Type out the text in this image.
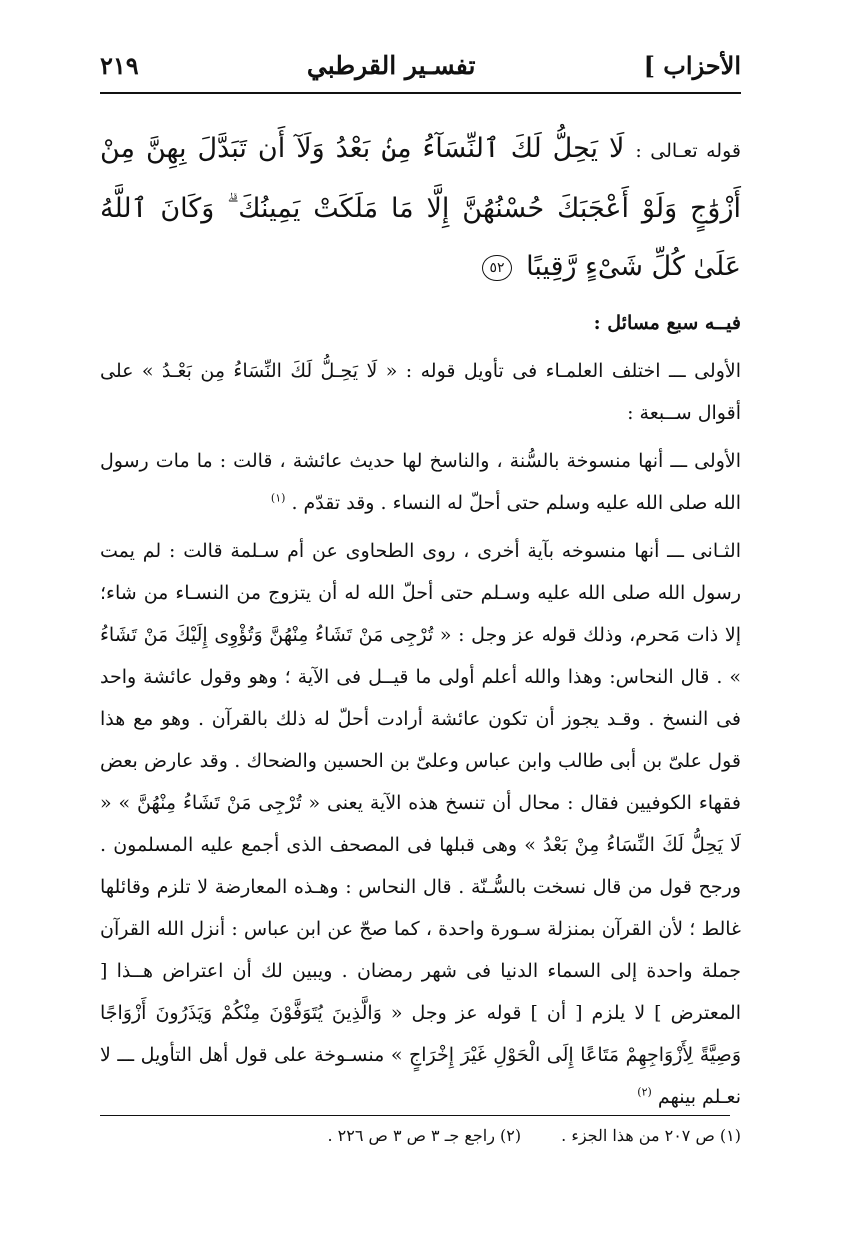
الأحزاب ]
تفسـير القرطبي
٢١٩

قوله تعـالى : لَا يَحِلُّ لَكَ ٱلنِّسَآءُ مِنۢ بَعْدُ وَلَآ أَن تَبَدَّلَ بِهِنَّ مِنْ أَزْوَٰجٍ وَلَوْ أَعْجَبَكَ حُسْنُهُنَّ إِلَّا مَا مَلَكَتْ يَمِينُكَ ۗ وَكَانَ ٱللَّهُ عَلَىٰ كُلِّ شَىْءٍ رَّقِيبًا ٥٢

فيــه سبع مسائل :

الأولى ـــ اختلف العلمـاء فى تأويل قوله : « لَا يَحِـلُّ لَكَ النِّسَاءُ مِن بَعْـدُ » على أقوال ســبعة :

الأولى ـــ أنها منسوخة بالسُّنة ، والناسخ لها حديث عائشة ، قالت : ما مات رسول الله صلى الله عليه وسلم حتى أحلّ له النساء . وقد تقدّم . $^{(١)}$

الثـانى ـــ أنها منسوخه بآية أخرى ، روى الطحاوى عن أم سـلمة قالت : لم يمت رسول الله صلى الله عليه وسـلم حتى أحلّ الله له أن يتزوج من النسـاء من شاء؛ إلا ذات مَحرم، وذلك قوله عز وجل : « تُرْجِى مَنْ تَشَاءُ مِنْهُنَّ وَتُؤْوِى إِلَيْكَ مَنْ تَشَاءُ » . قال النحاس: وهذا والله أعلم أولى ما قيــل فى الآية ؛ وهو وقول عائشة واحد فى النسخ . وقـد يجوز أن تكون عائشة أرادت أحلّ له ذلك بالقرآن . وهو مع هذا قول علىّ بن أبى طالب وابن عباس وعلىّ بن الحسين والضحاك . وقد عارض بعض فقهاء الكوفيين فقال : محال أن تنسخ هذه الآية يعنى « تُرْجِى مَنْ تَشَاءُ مِنْهُنَّ » « لَا يَحِلُّ لَكَ النِّسَاءُ مِنْ بَعْدُ » وهى قبلها فى المصحف الذى أجمع عليه المسلمون . ورجح قول من قال نسخت بالسُّـنّة . قال النحاس : وهـذه المعارضة لا تلزم وقائلها غالط ؛ لأن القرآن بمنزلة سـورة واحدة ، كما صحّ عن ابن عباس : أنزل الله القرآن جملة واحدة إلى السماء الدنيا فى شهر رمضان . ويبين لك أن اعتراض هــذا [ المعترض ] لا يلزم [ أن ] قوله عز وجل « وَالَّذِينَ يُتَوَفَّوْنَ مِنْكُمْ وَيَذَرُونَ أَزْوَاجًا وَصِيَّةً لِأَزْوَاجِهِمْ مَتَاعًا إِلَى الْحَوْلِ غَيْرَ إِخْرَاجٍ » منسـوخة على قول أهل التأويل ـــ لا نعـلم بينهم $^{(٢)}$

(١) ص ٢٠٧ من هذا الجزء .
(٢) راجع جـ ٣ ص ٣ ص ٢٢٦ .
